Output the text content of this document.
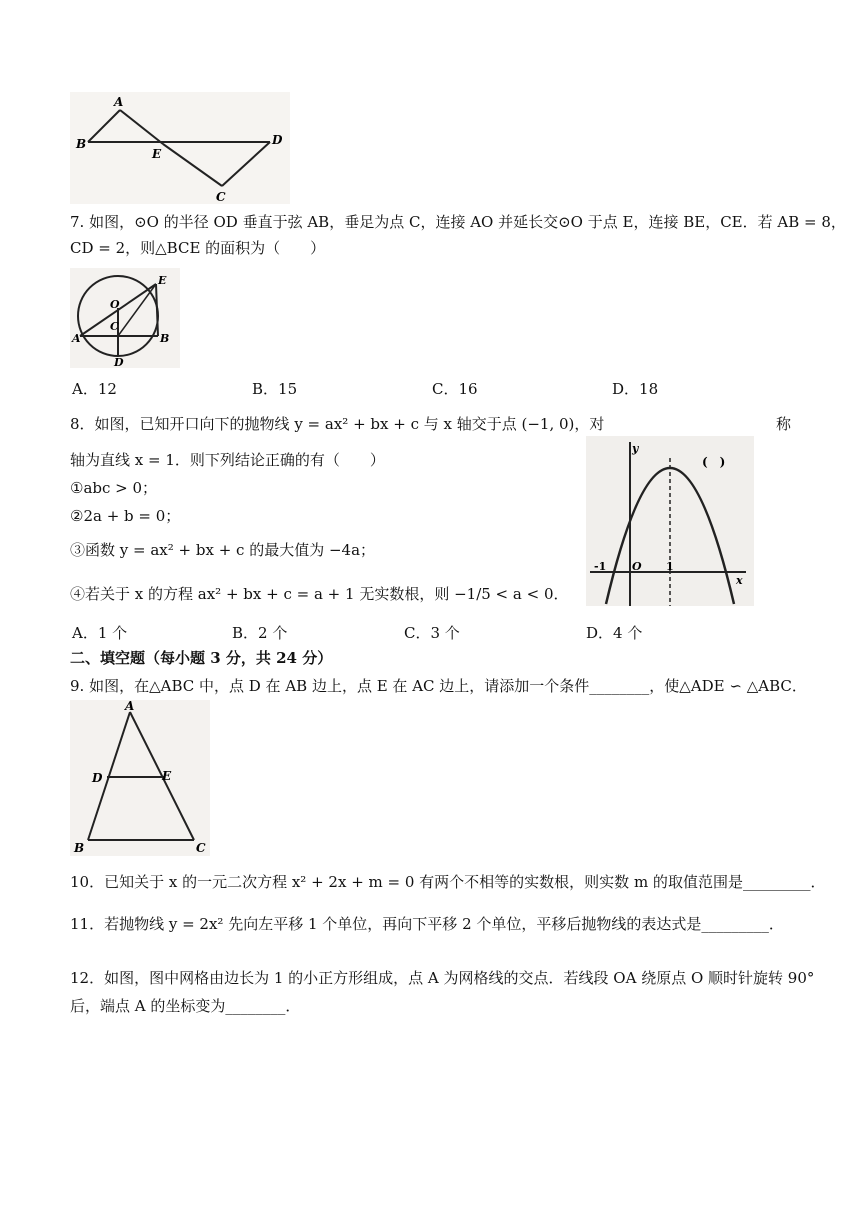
A
B
E
D
C
7. 如图，⊙O 的半径 OD 垂直于弦 AB，垂足为点 C，连接 AO 并延长交⊙O 于点 E，连接 BE，CE．若 AB = 8，
CD = 2，则△BCE 的面积为（　　）
O
C
E
A	B
D
A．12	B．15	C．16	D．18
8．如图，已知开口向下的抛物线 y = ax² + bx + c 与 x 轴交于点 (−1, 0)，对	称
轴为直线 x = 1．则下列结论正确的有（　　）
①abc > 0；
②2a + b = 0；
③函数 y = ax² + bx + c 的最大值为 −4a；
④若关于 x 的方程 ax² + bx + c = a + 1 无实数根，则 −1/5 < a < 0．
y
x
-1 O 1
(　)
A．1 个	B．2 个	C．3 个	D．4 个
二、填空题（每小题 3 分，共 24 分）
9. 如图，在△ABC 中，点 D 在 AB 边上，点 E 在 AC 边上，请添加一个条件________，使△ADE ∽ △ABC．
A
D	E
B	C
10．已知关于 x 的一元二次方程 x² + 2x + m = 0 有两个不相等的实数根，则实数 m 的取值范围是_________．
11．若抛物线 y = 2x² 先向左平移 1 个单位，再向下平移 2 个单位，平移后抛物线的表达式是_________．
12．如图，图中网格由边长为 1 的小正方形组成，点 A 为网格线的交点．若线段 OA 绕原点 O 顺时针旋转 90°
后，端点 A 的坐标变为________．
